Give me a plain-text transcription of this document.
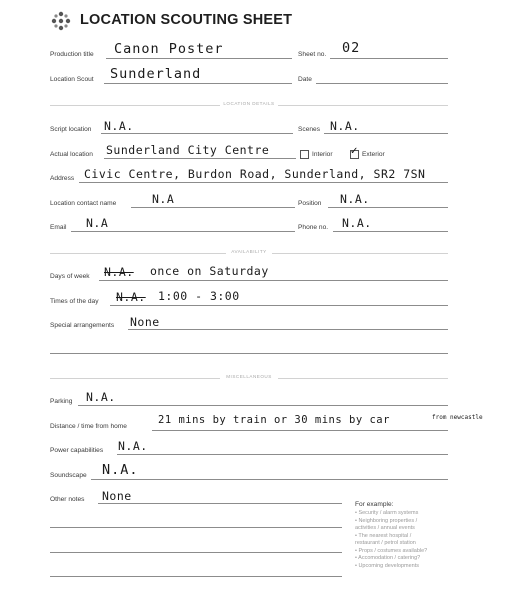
LOCATION SCOUTING SHEET
Production title Canon Poster	Sheet no. 02
Location Scout Sunderland	Date
LOCATION DETAILS
Script location N.A.	Scenes N.A.
Actual location Sunderland City Centre	Interior ✓ Exterior
Address Civic Centre, Burdon Road, Sunderland, SR2 7SN
Location contact name	N.A	Position N.A.
Email N.A	Phone no. N.A.
AVAILABILITY
Days of week N.A. once on Saturday
Times of the day N.A. 1:00 - 3:00
Special arrangements None
MISCELLANEOUS
Parking N.A.
Distance / time from home
21 mins by train or 30 mins by car	from newcastle
Power capabilities N.A.
Soundscape N.A.
Other notes None
For example:
• Security / alarm systems
• Neighboring properties /
activities / annual events
• The nearest hospital /
restaurant / petrol station
• Props / costumes available?
• Accomodation / catering?
• Upcoming developments
